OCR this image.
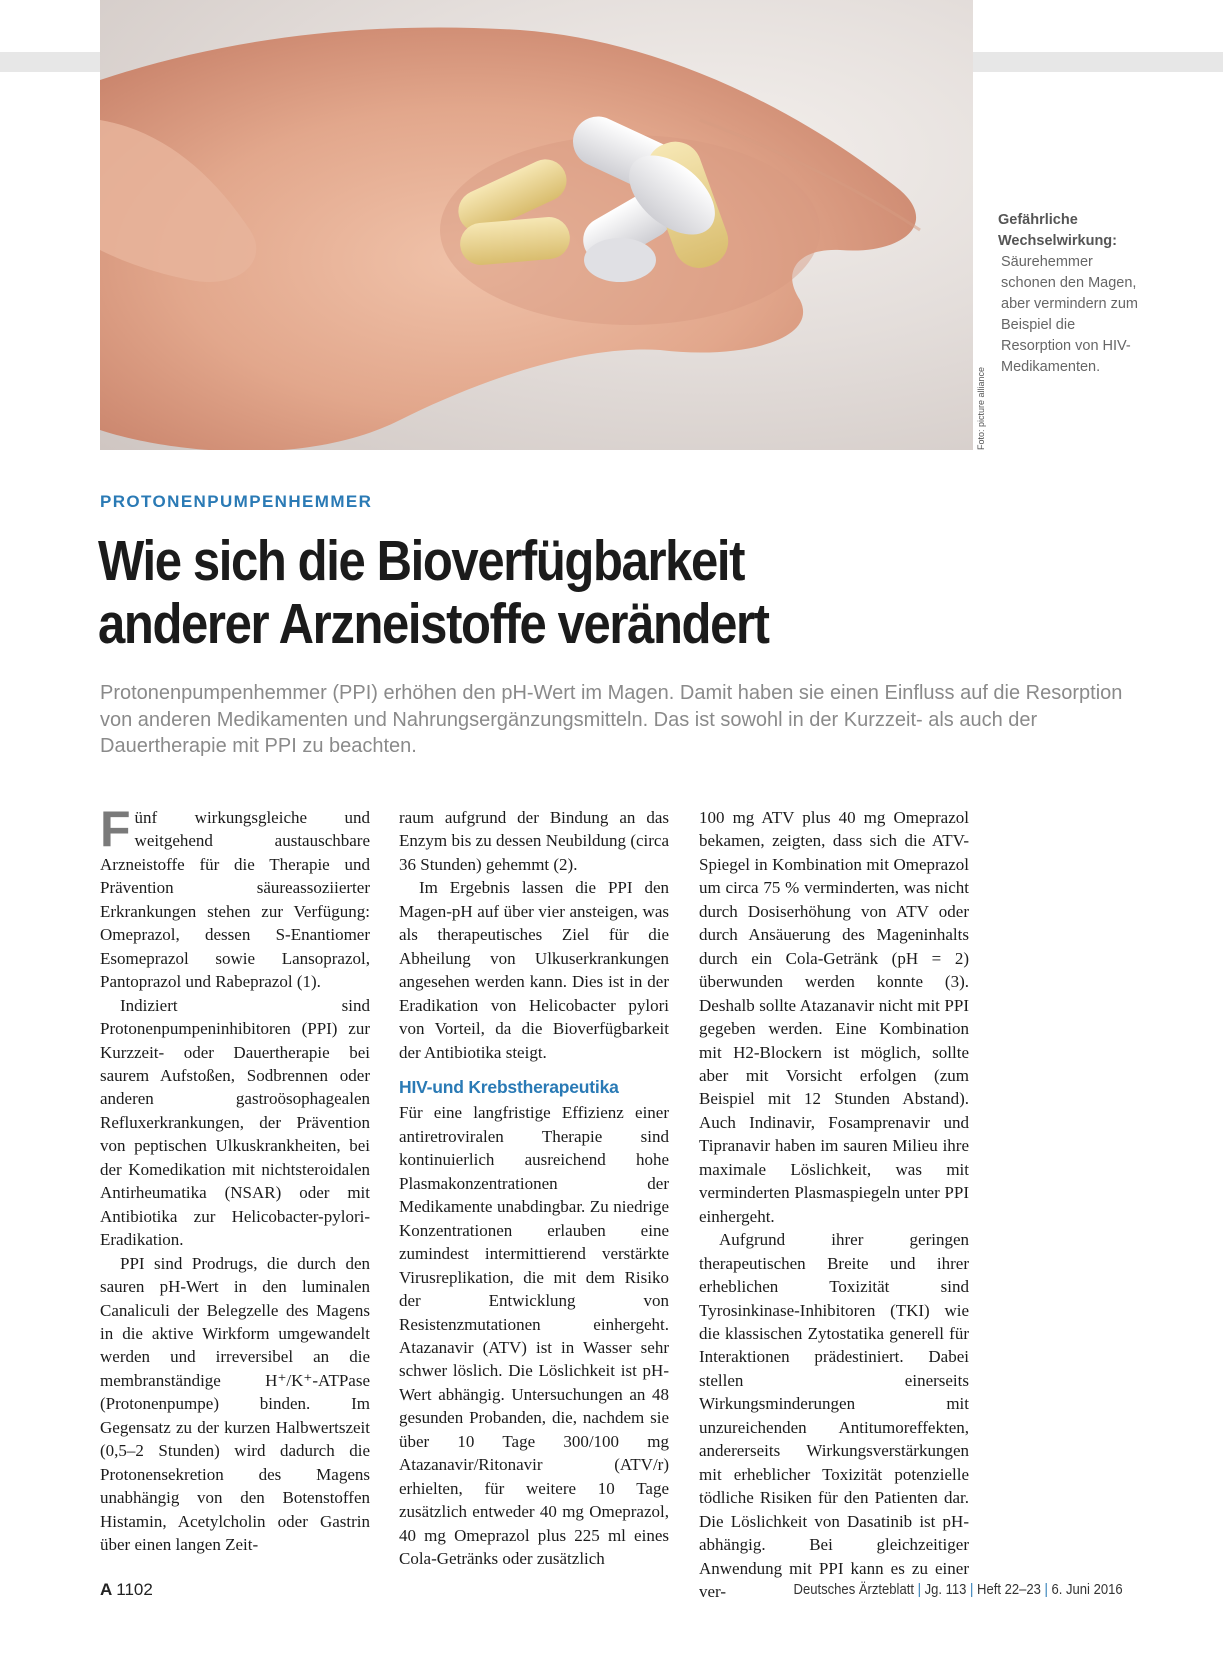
Foto: picture alliance
Gefährliche Wechselwirkung:
Säurehemmer schonen den Magen, aber vermindern zum Beispiel die Resorption von HIV-Medikamenten.
PROTONENPUMPENHEMMER
Wie sich die Bioverfügbarkeit
anderer Arzneistoffe verändert

Protonenpumpenhemmer (PPI) erhöhen den pH-Wert im Magen. Damit haben sie einen Einfluss auf die Resorption von anderen Medikamenten und Nahrungsergänzungsmitteln. Das ist sowohl in der Kurzzeit- als auch der Dauertherapie mit PPI zu beachten.

Fünf wirkungsgleiche und weitgehend austauschbare Arzneistoffe für die Therapie und Prävention säureassoziierter Erkrankungen stehen zur Verfügung: Omeprazol, dessen S-Enantiomer Esomeprazol sowie Lansoprazol, Pantoprazol und Rabeprazol (1).

Indiziert sind Protonenpumpeninhibitoren (PPI) zur Kurzzeit- oder Dauertherapie bei saurem Aufstoßen, Sodbrennen oder anderen gastroösophagealen Refluxerkrankungen, der Prävention von peptischen Ulkuskrankheiten, bei der Komedikation mit nichtsteroidalen Antirheumatika (NSAR) oder mit Antibiotika zur Helicobacter-pylori-Eradikation.

PPI sind Prodrugs, die durch den sauren pH-Wert in den luminalen Canaliculi der Belegzelle des Magens in die aktive Wirkform umgewandelt werden und irreversibel an die membranständige H⁺/K⁺-ATPase (Protonenpumpe) binden. Im Gegensatz zu der kurzen Halbwertszeit (0,5–2 Stunden) wird dadurch die Protonensekretion des Magens unabhängig von den Botenstoffen Histamin, Acetylcholin oder Gastrin über einen langen Zeit-

raum aufgrund der Bindung an das Enzym bis zu dessen Neubildung (circa 36 Stunden) gehemmt (2).

Im Ergebnis lassen die PPI den Magen-pH auf über vier ansteigen, was als therapeutisches Ziel für die Abheilung von Ulkuserkrankungen angesehen werden kann. Dies ist in der Eradikation von Helicobacter pylori von Vorteil, da die Bioverfügbarkeit der Antibiotika steigt.

HIV-und Krebstherapeutika

Für eine langfristige Effizienz einer antiretroviralen Therapie sind kontinuierlich ausreichend hohe Plasmakonzentrationen der Medikamente unabdingbar. Zu niedrige Konzentrationen erlauben eine zumindest intermittierend verstärkte Virusreplikation, die mit dem Risiko der Entwicklung von Resistenzmutationen einhergeht. Atazanavir (ATV) ist in Wasser sehr schwer löslich. Die Löslichkeit ist pH-Wert abhängig. Untersuchungen an 48 gesunden Probanden, die, nachdem sie über 10 Tage 300/100 mg Atazanavir/Ritonavir (ATV/r) erhielten, für weitere 10 Tage zusätzlich entweder 40 mg Omeprazol, 40 mg Omeprazol plus 225 ml eines Cola-Getränks oder zusätzlich

100 mg ATV plus 40 mg Omeprazol bekamen, zeigten, dass sich die ATV-Spiegel in Kombination mit Omeprazol um circa 75 % verminderten, was nicht durch Dosiserhöhung von ATV oder durch Ansäuerung des Mageninhalts durch ein Cola-Getränk (pH = 2) überwunden werden konnte (3). Deshalb sollte Atazanavir nicht mit PPI gegeben werden. Eine Kombination mit H2-Blockern ist möglich, sollte aber mit Vorsicht erfolgen (zum Beispiel mit 12 Stunden Abstand). Auch Indinavir, Fosamprenavir und Tipranavir haben im sauren Milieu ihre maximale Löslichkeit, was mit verminderten Plasmaspiegeln unter PPI einhergeht.

Aufgrund ihrer geringen therapeutischen Breite und ihrer erheblichen Toxizität sind Tyrosinkinase-Inhibitoren (TKI) wie die klassischen Zytostatika generell für Interaktionen prädestiniert. Dabei stellen einerseits Wirkungsminderungen mit unzureichenden Antitumoreffekten, andererseits Wirkungsverstärkungen mit erheblicher Toxizität potenzielle tödliche Risiken für den Patienten dar. Die Löslichkeit von Dasatinib ist pH-abhängig. Bei gleichzeitiger Anwendung mit PPI kann es zu einer ver-

A 1102	Deutsches Ärzteblatt | Jg. 113 | Heft 22–23 | 6. Juni 2016
